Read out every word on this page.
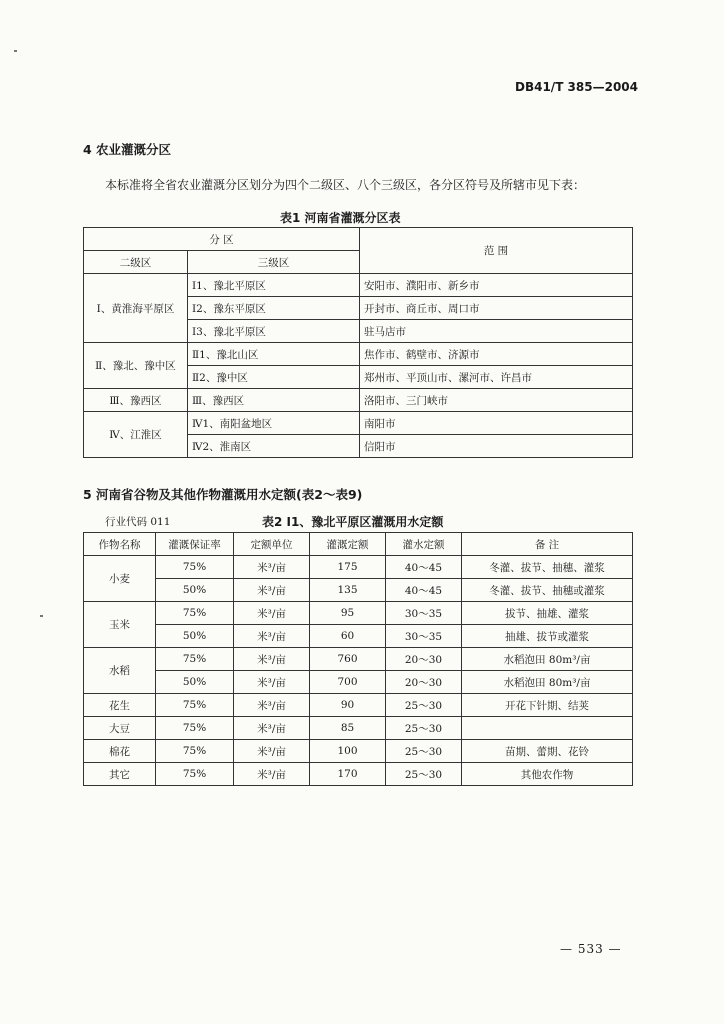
DB41/T 385—2004
4 农业灌溉分区
本标准将全省农业灌溉分区划分为四个二级区、八个三级区，各分区符号及所辖市见下表：
表1 河南省灌溉分区表
分 区		范 围
二级区	三级区	
Ⅰ、黄淮海平原区	Ⅰ1、豫北平原区	安阳市、濮阳市、新乡市
	Ⅰ2、豫东平原区	开封市、商丘市、周口市
	Ⅰ3、豫北平原区	驻马店市
Ⅱ、豫北、豫中区	Ⅱ1、豫北山区	焦作市、鹤壁市、济源市
	Ⅱ2、豫中区	郑州市、平顶山市、漯河市、许昌市
Ⅲ、豫西区	Ⅲ、豫西区	洛阳市、三门峡市
Ⅳ、江淮区	Ⅳ1、南阳盆地区	南阳市
	Ⅳ2、淮南区	信阳市
5 河南省谷物及其他作物灌溉用水定额(表2～表9)
行业代码 011	表2 Ⅰ1、豫北平原区灌溉用水定额
作物名称	灌溉保证率	定额单位	灌溉定额	灌水定额	备 注
小麦	75%	米³/亩	175	40～45	冬灌、拔节、抽穗、灌浆
	50%	米³/亩	135	40～45	冬灌、拔节、抽穗或灌浆
玉米	75%	米³/亩	95	30～35	拔节、抽雄、灌浆
	50%	米³/亩	60	30～35	抽雄、拔节或灌浆
水稻	75%	米³/亩	760	20～30	水稻泡田 80m³/亩
	50%	米³/亩	700	20～30	水稻泡田 80m³/亩
花生	75%	米³/亩	90	25～30	开花下针期、结荚
大豆	75%	米³/亩	85	25～30	
棉花	75%	米³/亩	100	25～30	苗期、蕾期、花铃
其它	75%	米³/亩	170	25～30	其他农作物
— 533 —
